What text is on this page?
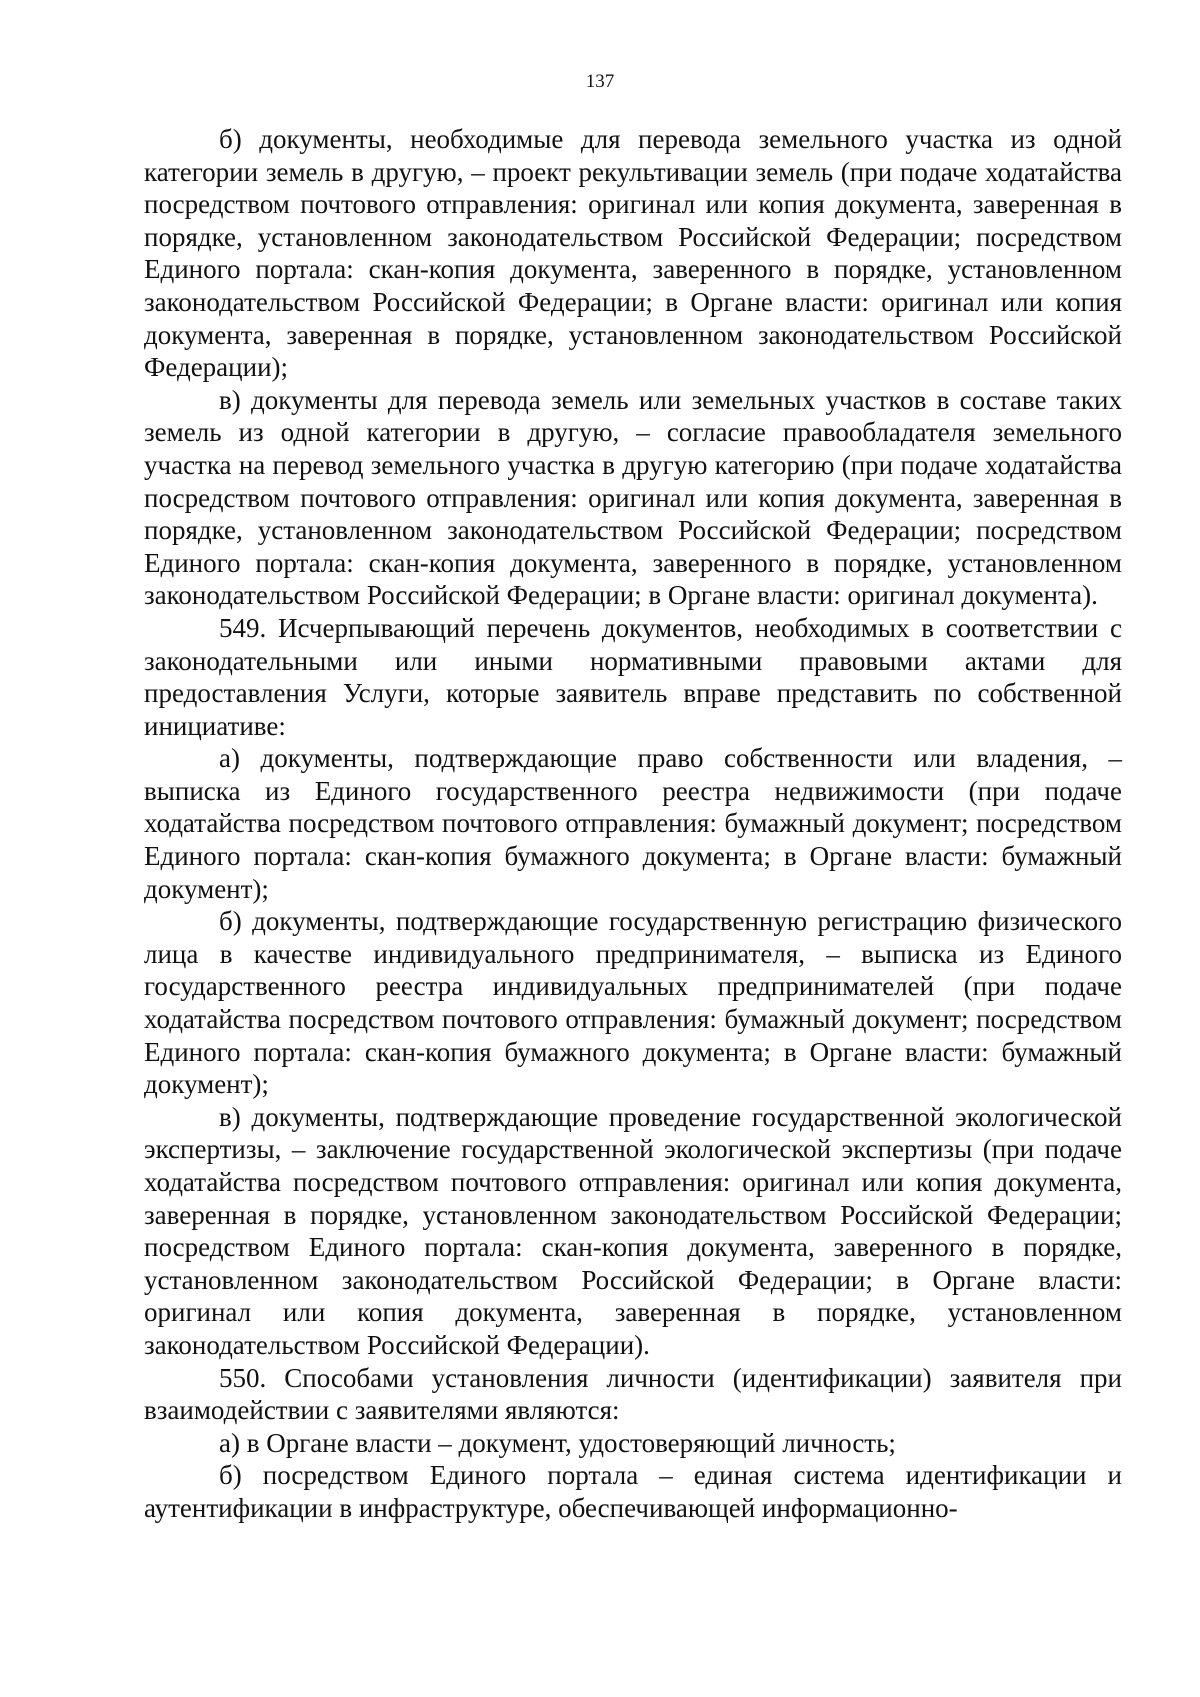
137

б) документы, необходимые для перевода земельного участка из одной категории земель в другую, – проект рекультивации земель (при подаче ходатайства посредством почтового отправления: оригинал или копия документа, заверенная в порядке, установленном законодательством Российской Федерации; посредством Единого портала: скан-копия документа, заверенного в порядке, установленном законодательством Российской Федерации; в Органе власти: оригинал или копия документа, заверенная в порядке, установленном законодательством Российской Федерации);

в) документы для перевода земель или земельных участков в составе таких земель из одной категории в другую, – согласие правообладателя земельного участка на перевод земельного участка в другую категорию (при подаче ходатайства посредством почтового отправления: оригинал или копия документа, заверенная в порядке, установленном законодательством Российской Федерации; посредством Единого портала: скан-копия документа, заверенного в порядке, установленном законодательством Российской Федерации; в Органе власти: оригинал документа).

549. Исчерпывающий перечень документов, необходимых в соответствии с законодательными или иными нормативными правовыми актами для предоставления Услуги, которые заявитель вправе представить по собственной инициативе:

а) документы, подтверждающие право собственности или владения, – выписка из Единого государственного реестра недвижимости (при подаче ходатайства посредством почтового отправления: бумажный документ; посредством Единого портала: скан-копия бумажного документа; в Органе власти: бумажный документ);

б) документы, подтверждающие государственную регистрацию физического лица в качестве индивидуального предпринимателя, – выписка из Единого государственного реестра индивидуальных предпринимателей (при подаче ходатайства посредством почтового отправления: бумажный документ; посредством Единого портала: скан-копия бумажного документа; в Органе власти: бумажный документ);

в) документы, подтверждающие проведение государственной экологической экспертизы, – заключение государственной экологической экспертизы (при подаче ходатайства посредством почтового отправления: оригинал или копия документа, заверенная в порядке, установленном законодательством Российской Федерации; посредством Единого портала: скан-копия документа, заверенного в порядке, установленном законодательством Российской Федерации; в Органе власти: оригинал или копия документа, заверенная в порядке, установленном законодательством Российской Федерации).

550. Способами установления личности (идентификации) заявителя при взаимодействии с заявителями являются:

а) в Органе власти – документ, удостоверяющий личность;

б) посредством Единого портала – единая система идентификации и аутентификации в инфраструктуре, обеспечивающей информационно-
